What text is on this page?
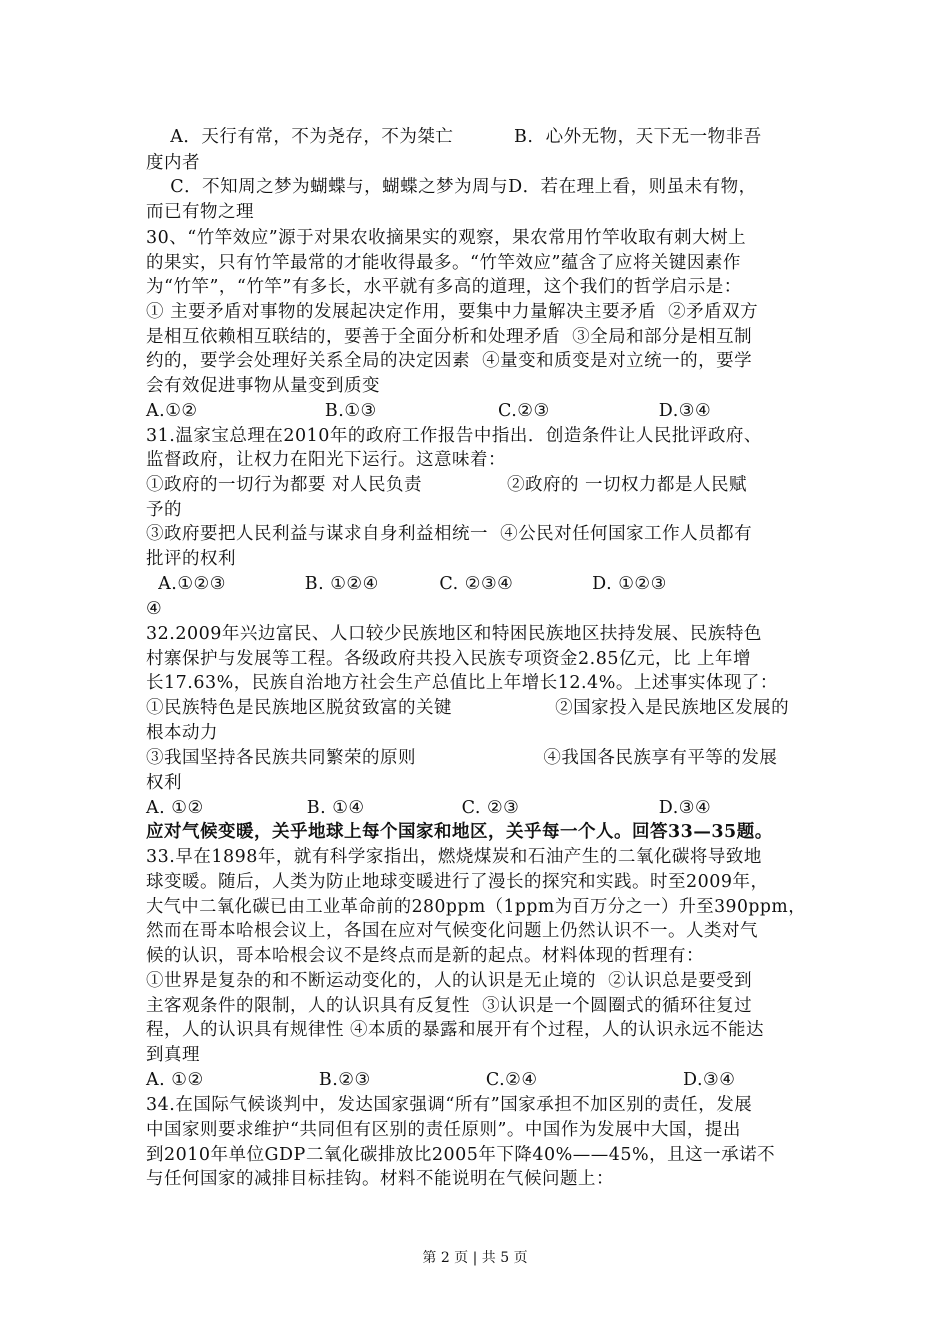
A．天行有常，不为尧存，不为桀亡          B.  心外无物，天下无一物非吾
度内者
C．不知周之梦为蝴蝶与，蝴蝶之梦为周与D．若在理上看，则虽未有物，
而已有物之理
30、“竹竿效应”源于对果农收摘果实的观察，果农常用竹竿收取有刺大树上
的果实，只有竹竿最常的才能收得最多。“竹竿效应”蕴含了应将关键因素作
为“竹竿”，“竹竿”有多长，水平就有多高的道理，这个我们的哲学启示是：
① 主要矛盾对事物的发展起决定作用，要集中力量解决主要矛盾  ②矛盾双方
是相互依赖相互联结的，要善于全面分析和处理矛盾  ③全局和部分是相互制
约的，要学会处理好关系全局的决定因素  ④量变和质变是对立统一的，要学
会有效促进事物从量变到质变
A.①②                     B.①③                    C.②③                  D.③④
31.温家宝总理在2010年的政府工作报告中指出．创造条件让人民批评政府、
监督政府，让权力在阳光下运行。这意味着：
①政府的一切行为都要 对人民负责              ②政府的 一切权力都是人民赋
予的
③政府要把人民利益与谋求自身利益相统一  ④公民对任何国家工作人员都有
批评的权利
A.①②③             B. ①②④          C. ②③④             D. ①②③
④
32.2009年兴边富民、人口较少民族地区和特困民族地区扶持发展、民族特色
村寨保护与发展等工程。各级政府共投入民族专项资金2.85亿元，比 上年增
长17.63%，民族自治地方社会生产总值比上年增长12.4%。上述事实体现了：
①民族特色是民族地区脱贫致富的关键                 ②国家投入是民族地区发展的
根本动力
③我国坚持各民族共同繁荣的原则                     ④我国各民族享有平等的发展
权利
A. ①②                 B. ①④                C. ②③                       D.③④
应对气候变暖，关乎地球上每个国家和地区，关乎每一个人。回答33—35题。
33.早在1898年，就有科学家指出，燃烧煤炭和石油产生的二氧化碳将导致地
球变暖。随后，人类为防止地球变暖进行了漫长的探究和实践。时至2009年，
大气中二氧化碳已由工业革命前的280ppm（1ppm为百万分之一）升至390ppm，
然而在哥本哈根会议上，各国在应对气候变化问题上仍然认识不一。人类对气
候的认识，哥本哈根会议不是终点而是新的起点。材料体现的哲理有：
①世界是复杂的和不断运动变化的，人的认识是无止境的  ②认识总是要受到
主客观条件的限制，人的认识具有反复性  ③认识是一个圆圈式的循环往复过
程，人的认识具有规律性 ④本质的暴露和展开有个过程，人的认识永远不能达
到真理
A. ①②                   B.②③                   C.②④                        D.③④
34.在国际气候谈判中，发达国家强调“所有”国家承担不加区别的责任，发展
中国家则要求维护“共同但有区别的责任原则”。中国作为发展中大国，提出
到2010年单位GDP二氧化碳排放比2005年下降40%——45%，且这一承诺不
与任何国家的减排目标挂钩。材料不能说明在气候问题上：
第 2 页 | 共 5 页
